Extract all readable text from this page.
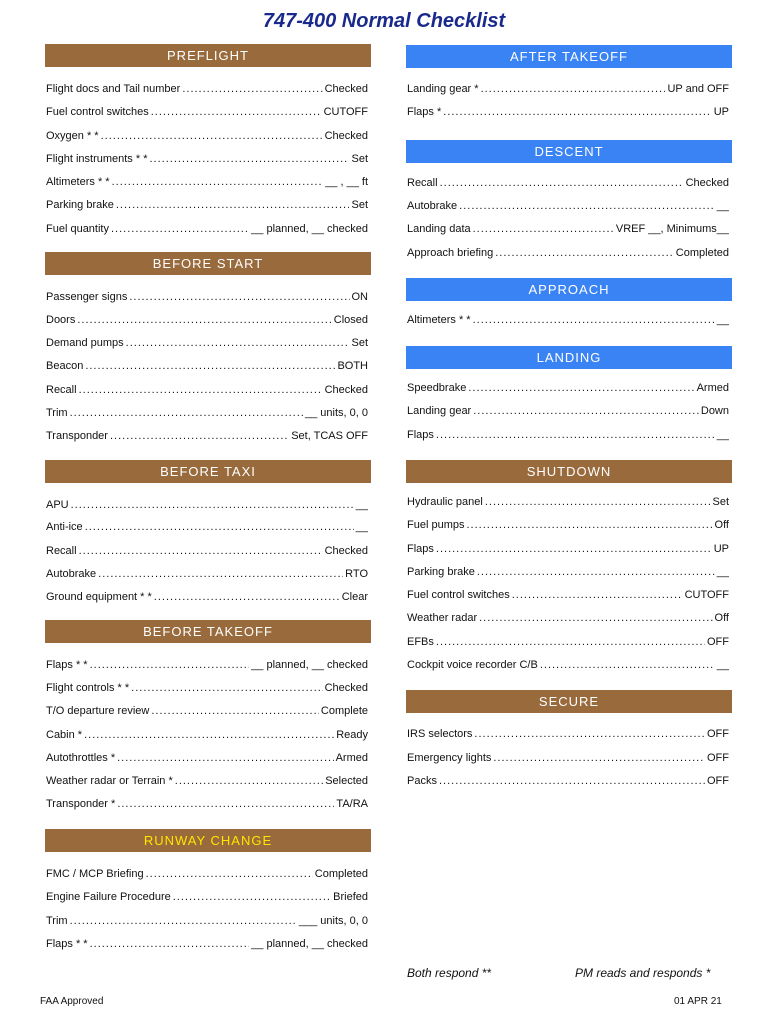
747-400 Normal Checklist
PREFLIGHT
Flight docs and Tail number .....	Checked
Fuel control switches .....	CUTOFF
Oxygen * * .....	Checked
Flight instruments * * .....	Set
Altimeters * * .....	__ , __ ft
Parking brake .....	Set
Fuel quantity .....	__ planned, __ checked
BEFORE START
Passenger signs .....	ON
Doors .....	Closed
Demand pumps .....	Set
Beacon .....	BOTH
Recall .....	Checked
Trim .....	__ units, 0, 0
Transponder .....	Set, TCAS OFF
BEFORE TAXI
APU .....	__
Anti-ice .....	__
Recall .....	Checked
Autobrake .....	RTO
Ground equipment * * .....	Clear
BEFORE TAKEOFF
Flaps * * .....	__ planned, __ checked
Flight controls * * .....	Checked
T/O departure review .....	Complete
Cabin * .....	Ready
Autothrottles * .....	Armed
Weather radar or Terrain * .....	Selected
Transponder * .....	TA/RA
RUNWAY CHANGE
FMC / MCP Briefing .....	Completed
Engine Failure Procedure .....	Briefed
Trim .....	___ units, 0, 0
Flaps * * .....	__ planned, __ checked
AFTER TAKEOFF
Landing gear * .....	UP and OFF
Flaps * .....	UP
DESCENT
Recall .....	Checked
Autobrake .....	__
Landing data .....	VREF __, Minimums__
Approach briefing .....	Completed
APPROACH
Altimeters * * .....	__
LANDING
Speedbrake .....	Armed
Landing gear .....	Down
Flaps .....	__
SHUTDOWN
Hydraulic panel .....	Set
Fuel pumps .....	Off
Flaps .....	UP
Parking brake .....	__
Fuel control switches .....	CUTOFF
Weather radar .....	Off
EFBs .....	OFF
Cockpit voice recorder C/B .....	__
SECURE
IRS selectors .....	OFF
Emergency lights .....	OFF
Packs .....	OFF
Both respond **	PM reads and responds *
FAA Approved	01 APR 21
